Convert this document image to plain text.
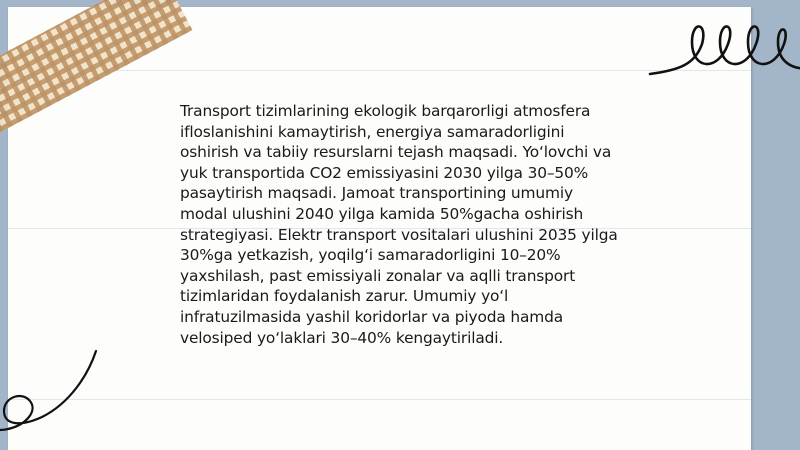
Transport tizimlarining ekologik barqarorligi atmosfera ifloslanishini kamaytirish, energiya samaradorligini oshirish va tabiiy resurslarni tejash maqsadi. Yo‘lovchi va yuk transportida CO2 emissiyasini 2030 yilga 30–50% pasaytirish maqsadi. Jamoat transportining umumiy modal ulushini 2040 yilga kamida 50%gacha oshirish strategiyasi. Elektr transport vositalari ulushini 2035 yilga 30%ga yetkazish, yoqilg‘i samaradorligini 10–20% yaxshilash, past emissiyali zonalar va aqlli transport tizimlaridan foydalanish zarur. Umumiy yo‘l infratuzilmasida yashil koridorlar va piyoda hamda velosiped yo‘laklari 30–40% kengaytiriladi.
